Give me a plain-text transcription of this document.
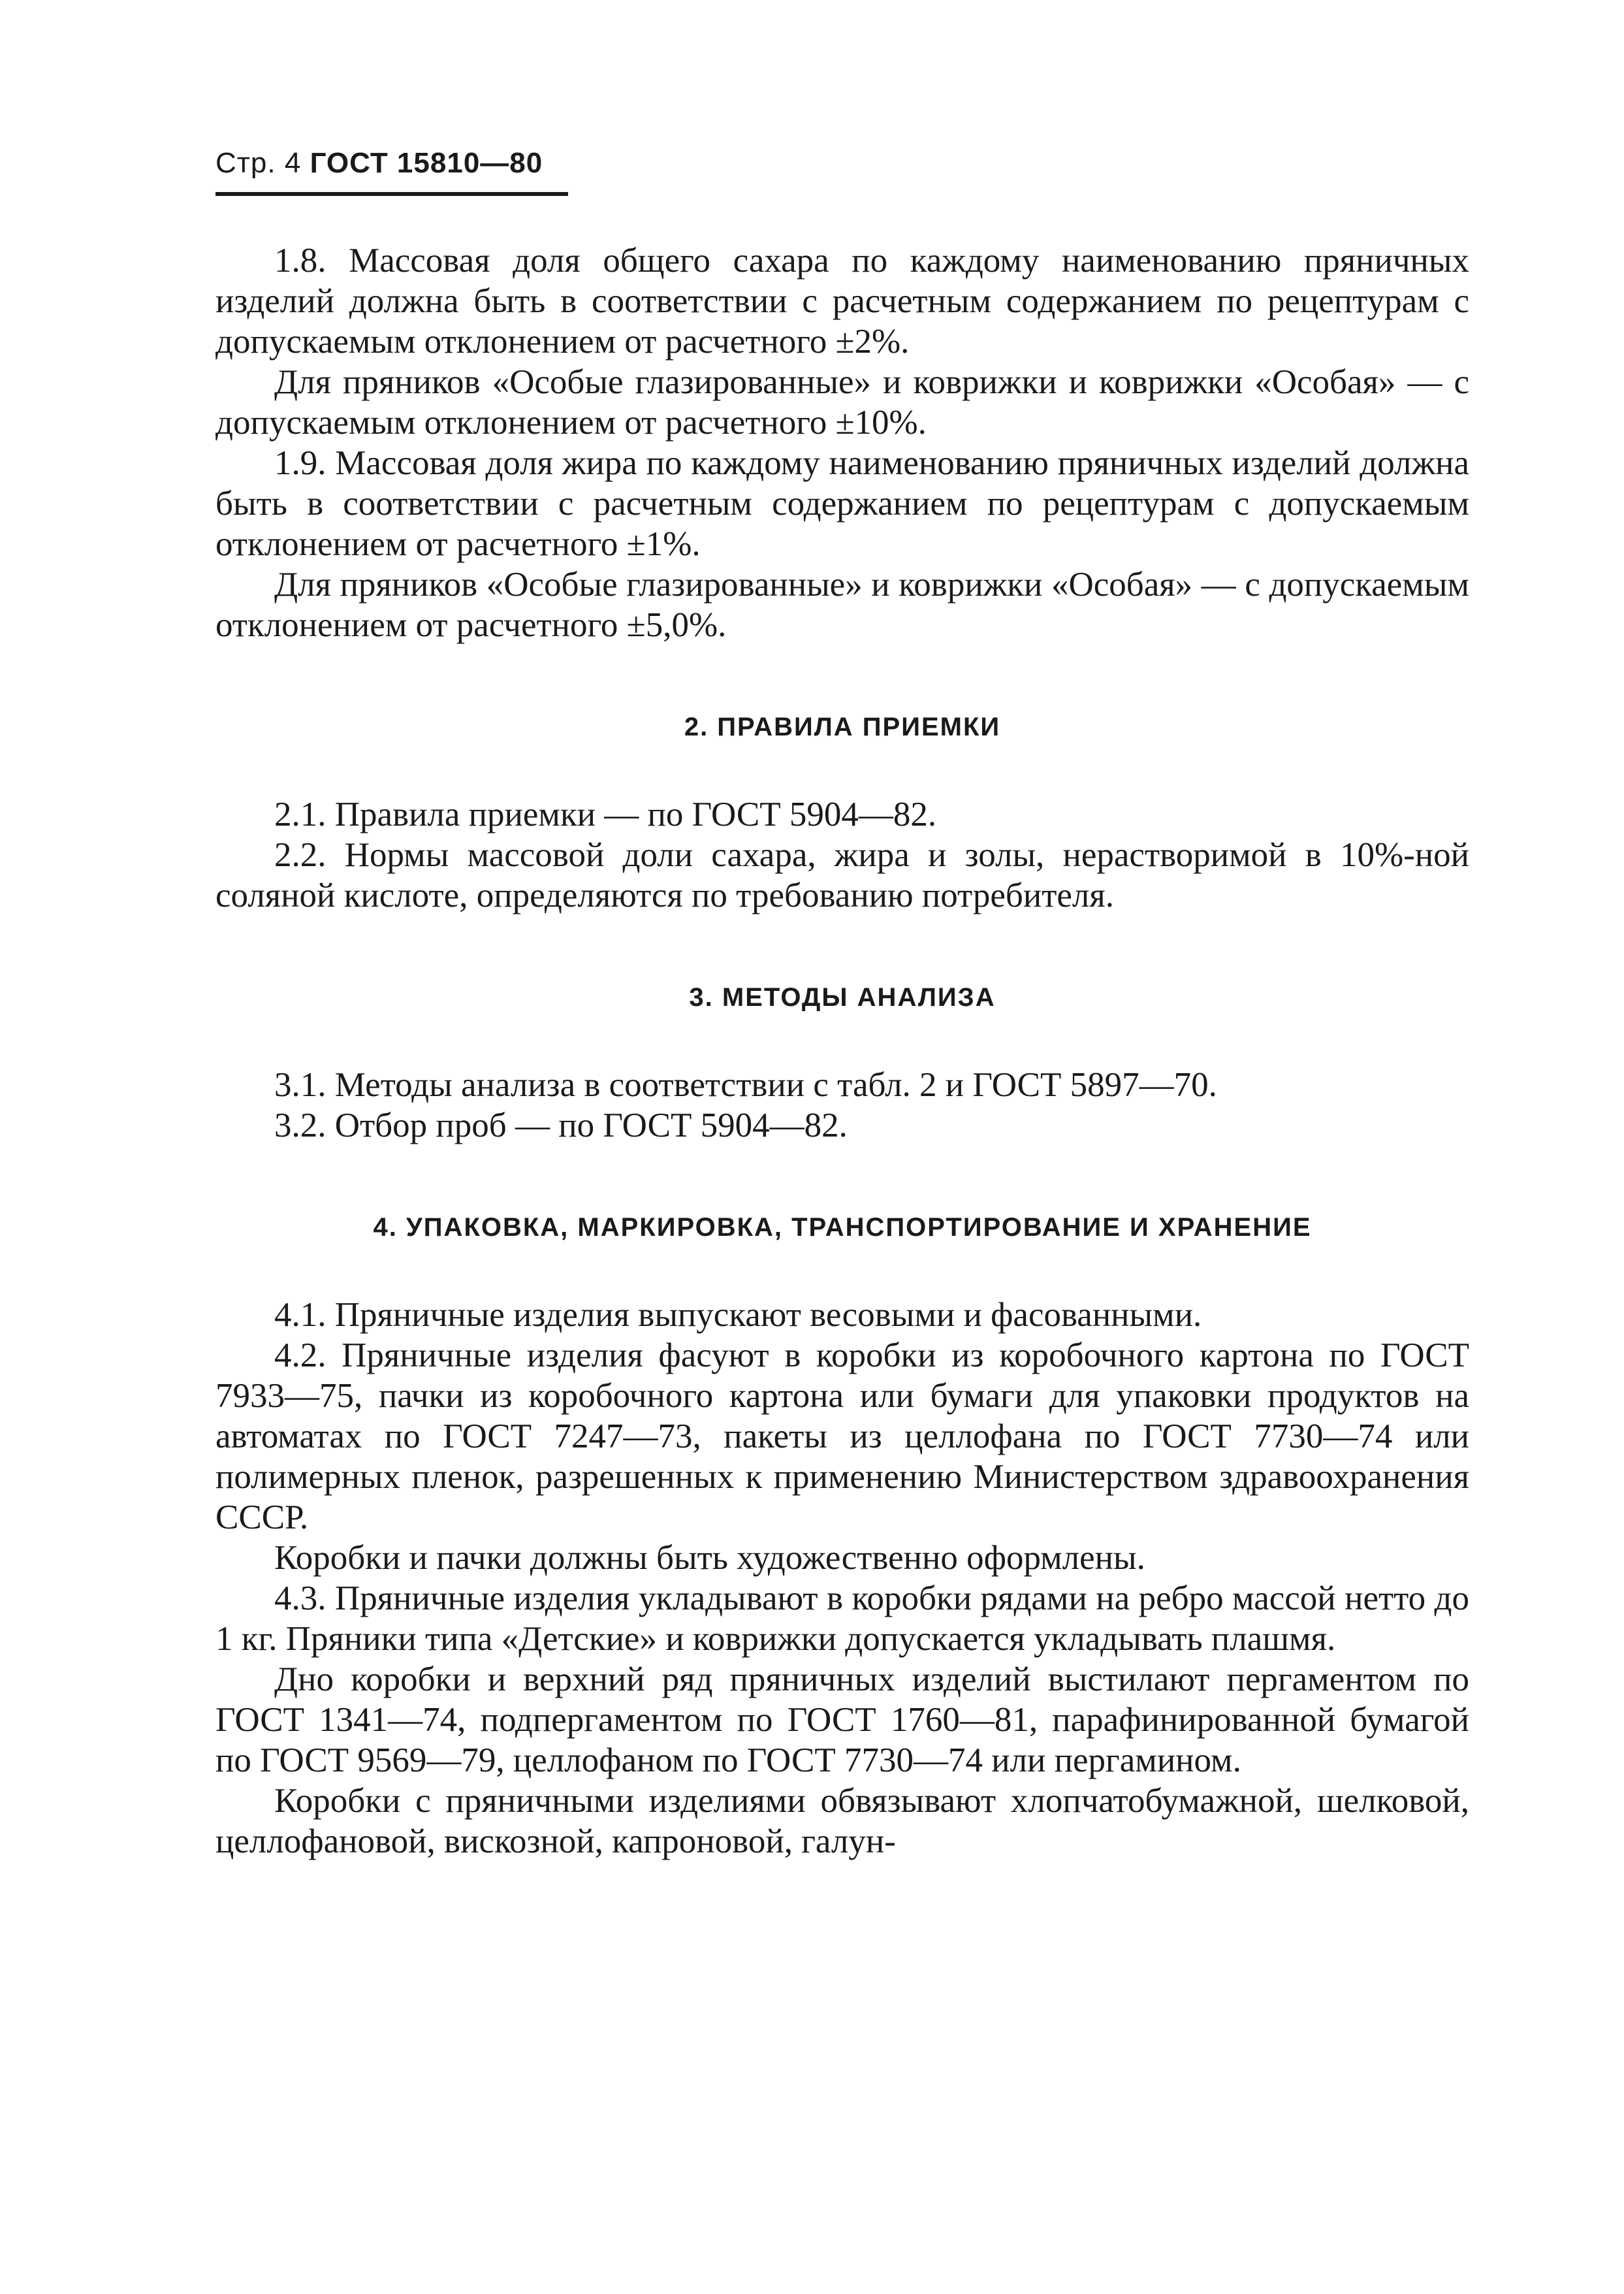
Стр. 4 ГОСТ 15810—80

1.8. Массовая доля общего сахара по каждому наименованию пряничных изделий должна быть в соответствии с расчетным содержанием по рецептурам с допускаемым отклонением от расчетного ±2%.

Для пряников «Особые глазированные» и коврижки и коврижки «Особая» — с допускаемым отклонением от расчетного ±10%.

1.9. Массовая доля жира по каждому наименованию пряничных изделий должна быть в соответствии с расчетным содержанием по рецептурам с допускаемым отклонением от расчетного ±1%.

Для пряников «Особые глазированные» и коврижки «Особая» — с допускаемым отклонением от расчетного ±5,0%.

2. ПРАВИЛА ПРИЕМКИ

2.1. Правила приемки — по ГОСТ 5904—82.

2.2. Нормы массовой доли сахара, жира и золы, нерастворимой в 10%-ной соляной кислоте, определяются по требованию потребителя.

3. МЕТОДЫ АНАЛИЗА

3.1. Методы анализа в соответствии с табл. 2 и ГОСТ 5897—70.

3.2. Отбор проб — по ГОСТ 5904—82.

4. УПАКОВКА, МАРКИРОВКА, ТРАНСПОРТИРОВАНИЕ И ХРАНЕНИЕ

4.1. Пряничные изделия выпускают весовыми и фасованными.

4.2. Пряничные изделия фасуют в коробки из коробочного картона по ГОСТ 7933—75, пачки из коробочного картона или бумаги для упаковки продуктов на автоматах по ГОСТ 7247—73, пакеты из целлофана по ГОСТ 7730—74 или полимерных пленок, разрешенных к применению Министерством здравоохранения СССР.

Коробки и пачки должны быть художественно оформлены.

4.3. Пряничные изделия укладывают в коробки рядами на ребро массой нетто до 1 кг. Пряники типа «Детские» и коврижки допускается укладывать плашмя.

Дно коробки и верхний ряд пряничных изделий выстилают пергаментом по ГОСТ 1341—74, подпергаментом по ГОСТ 1760—81, парафинированной бумагой по ГОСТ 9569—79, целлофаном по ГОСТ 7730—74 или пергамином.

Коробки с пряничными изделиями обвязывают хлопчатобумажной, шелковой, целлофановой, вискозной, капроновой, галун-
